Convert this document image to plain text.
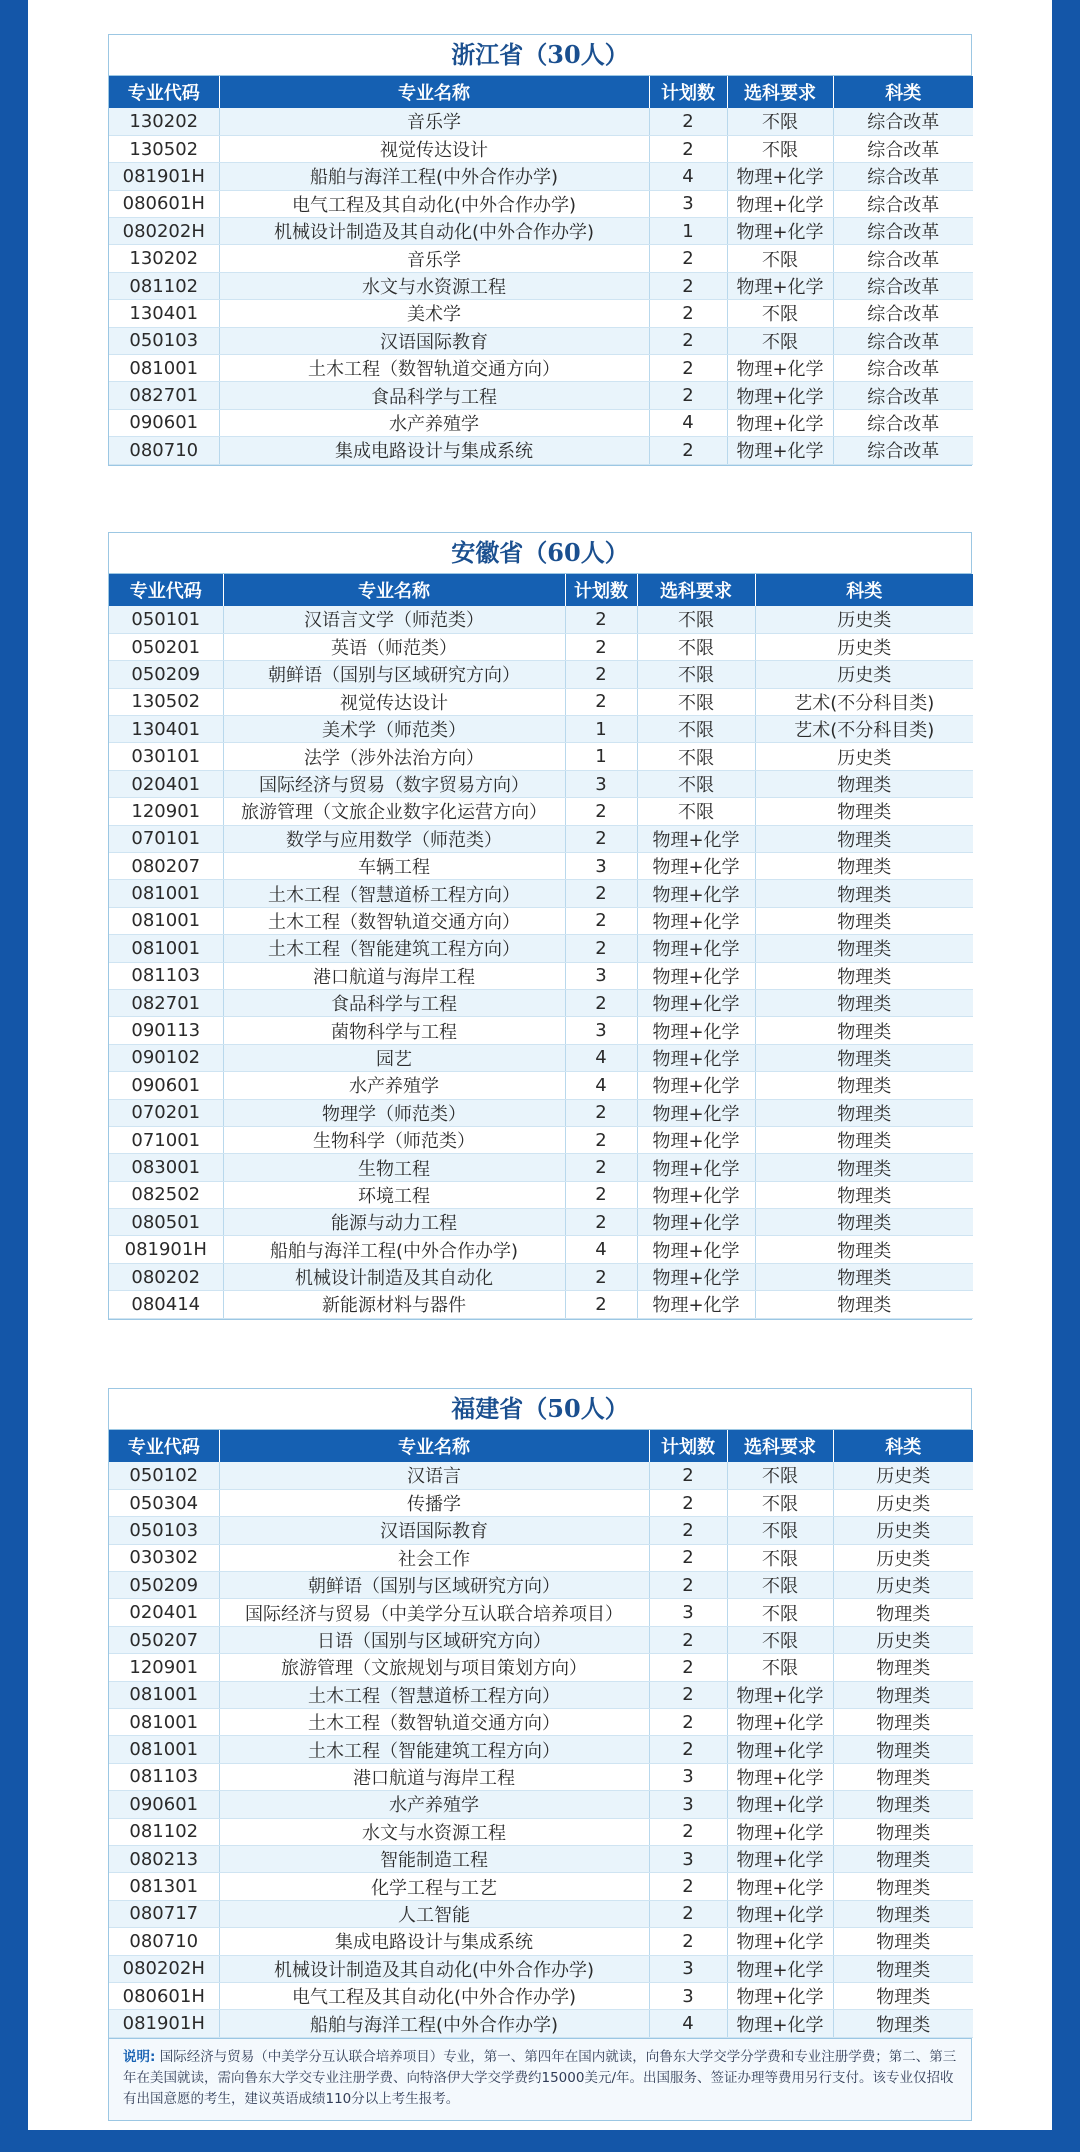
浙江省（30人）
专业代码	专业名称	计划数	选科要求	科类
130202	音乐学	2	不限	综合改革
130502	视觉传达设计	2	不限	综合改革
081901H	船舶与海洋工程(中外合作办学)	4	物理+化学	综合改革
080601H	电气工程及其自动化(中外合作办学)	3	物理+化学	综合改革
080202H	机械设计制造及其自动化(中外合作办学)	1	物理+化学	综合改革
130202	音乐学	2	不限	综合改革
081102	水文与水资源工程	2	物理+化学	综合改革
130401	美术学	2	不限	综合改革
050103	汉语国际教育	2	不限	综合改革
081001	土木工程（数智轨道交通方向）	2	物理+化学	综合改革
082701	食品科学与工程	2	物理+化学	综合改革
090601	水产养殖学	4	物理+化学	综合改革
080710	集成电路设计与集成系统	2	物理+化学	综合改革
安徽省（60人）
专业代码	专业名称	计划数	选科要求	科类
050101	汉语言文学（师范类）	2	不限	历史类
050201	英语（师范类）	2	不限	历史类
050209	朝鲜语（国别与区域研究方向）	2	不限	历史类
130502	视觉传达设计	2	不限	艺术(不分科目类)
130401	美术学（师范类）	1	不限	艺术(不分科目类)
030101	法学（涉外法治方向）	1	不限	历史类
020401	国际经济与贸易（数字贸易方向）	3	不限	物理类
120901	旅游管理（文旅企业数字化运营方向）	2	不限	物理类
070101	数学与应用数学（师范类）	2	物理+化学	物理类
080207	车辆工程	3	物理+化学	物理类
081001	土木工程（智慧道桥工程方向）	2	物理+化学	物理类
081001	土木工程（数智轨道交通方向）	2	物理+化学	物理类
081001	土木工程（智能建筑工程方向）	2	物理+化学	物理类
081103	港口航道与海岸工程	3	物理+化学	物理类
082701	食品科学与工程	2	物理+化学	物理类
090113	菌物科学与工程	3	物理+化学	物理类
090102	园艺	4	物理+化学	物理类
090601	水产养殖学	4	物理+化学	物理类
070201	物理学（师范类）	2	物理+化学	物理类
071001	生物科学（师范类）	2	物理+化学	物理类
083001	生物工程	2	物理+化学	物理类
082502	环境工程	2	物理+化学	物理类
080501	能源与动力工程	2	物理+化学	物理类
081901H	船舶与海洋工程(中外合作办学)	4	物理+化学	物理类
080202	机械设计制造及其自动化	2	物理+化学	物理类
080414	新能源材料与器件	2	物理+化学	物理类
福建省（50人）
专业代码	专业名称	计划数	选科要求	科类
050102	汉语言	2	不限	历史类
050304	传播学	2	不限	历史类
050103	汉语国际教育	2	不限	历史类
030302	社会工作	2	不限	历史类
050209	朝鲜语（国别与区域研究方向）	2	不限	历史类
020401	国际经济与贸易（中美学分互认联合培养项目）	3	不限	物理类
050207	日语（国别与区域研究方向）	2	不限	历史类
120901	旅游管理（文旅规划与项目策划方向）	2	不限	物理类
081001	土木工程（智慧道桥工程方向）	2	物理+化学	物理类
081001	土木工程（数智轨道交通方向）	2	物理+化学	物理类
081001	土木工程（智能建筑工程方向）	2	物理+化学	物理类
081103	港口航道与海岸工程	3	物理+化学	物理类
090601	水产养殖学	3	物理+化学	物理类
081102	水文与水资源工程	2	物理+化学	物理类
080213	智能制造工程	3	物理+化学	物理类
081301	化学工程与工艺	2	物理+化学	物理类
080717	人工智能	2	物理+化学	物理类
080710	集成电路设计与集成系统	2	物理+化学	物理类
080202H	机械设计制造及其自动化(中外合作办学)	3	物理+化学	物理类
080601H	电气工程及其自动化(中外合作办学)	3	物理+化学	物理类
081901H	船舶与海洋工程(中外合作办学)	4	物理+化学	物理类
说明: 国际经济与贸易（中美学分互认联合培养项目）专业，第一、第四年在国内就读，向鲁东大学交学分学费和专业注册学费；第二、第三年在美国就读，需向鲁东大学交专业注册学费、向特洛伊大学交学费约15000美元/年。出国服务、签证办理等费用另行支付。该专业仅招收有出国意愿的考生，建议英语成绩110分以上考生报考。
